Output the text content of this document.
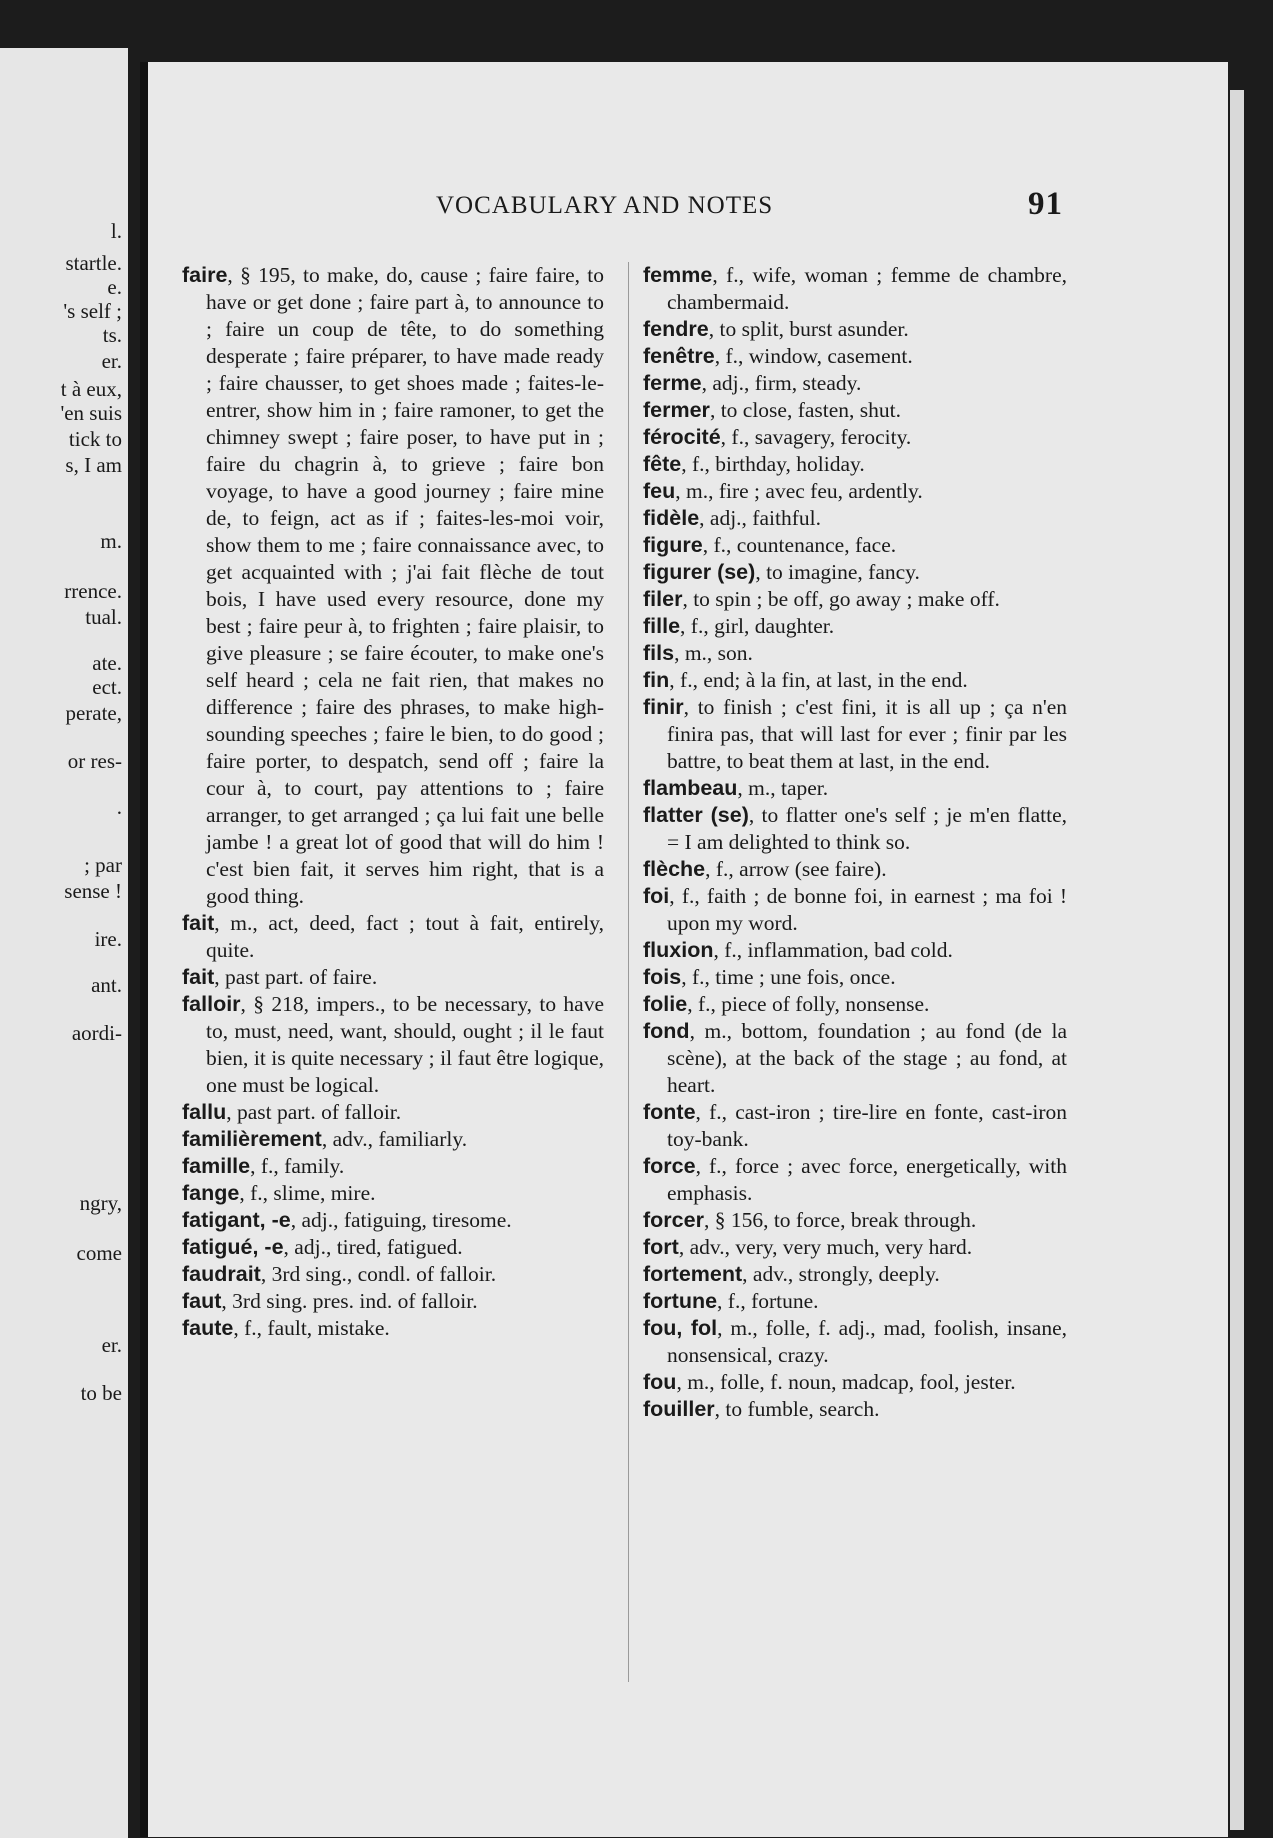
l.
startle.
e.
's self ;
ts.
er.
t à eux,
'en suis
tick to
s, I am
m.
rrence.
tual.
ate.
ect.
perate,
or res-
.
; par
sense !
ire.
ant.
aordi-
ngry,
come
er.
to be
VOCABULARY AND NOTES	91

faire, § 195, to make, do, cause ; faire faire, to have or get done ; faire part à, to announce to ; faire un coup de tête, to do something desperate ; faire préparer, to have made ready ; faire chausser, to get shoes made ; faites-le-entrer, show him in ; faire ramoner, to get the chimney swept ; faire poser, to have put in ; faire du chagrin à, to grieve ; faire bon voyage, to have a good journey ; faire mine de, to feign, act as if ; faites-les-moi voir, show them to me ; faire connaissance avec, to get acquainted with ; j'ai fait flèche de tout bois, I have used every resource, done my best ; faire peur à, to frighten ; faire plaisir, to give pleasure ; se faire écouter, to make one's self heard ; cela ne fait rien, that makes no difference ; faire des phrases, to make high-sounding speeches ; faire le bien, to do good ; faire porter, to despatch, send off ; faire la cour à, to court, pay attentions to ; faire arranger, to get arranged ; ça lui fait une belle jambe ! a great lot of good that will do him ! c'est bien fait, it serves him right, that is a good thing.

fait, m., act, deed, fact ; tout à fait, entirely, quite.

fait, past part. of faire.

falloir, § 218, impers., to be necessary, to have to, must, need, want, should, ought ; il le faut bien, it is quite necessary ; il faut être logique, one must be logical.

fallu, past part. of falloir.

familièrement, adv., familiarly.

famille, f., family.

fange, f., slime, mire.

fatigant, -e, adj., fatiguing, tiresome.

fatigué, -e, adj., tired, fatigued.

faudrait, 3rd sing., condl. of falloir.

faut, 3rd sing. pres. ind. of falloir.

faute, f., fault, mistake.

femme, f., wife, woman ; femme de chambre, chambermaid.

fendre, to split, burst asunder.

fenêtre, f., window, casement.

ferme, adj., firm, steady.

fermer, to close, fasten, shut.

férocité, f., savagery, ferocity.

fête, f., birthday, holiday.

feu, m., fire ; avec feu, ardently.

fidèle, adj., faithful.

figure, f., countenance, face.

figurer (se), to imagine, fancy.

filer, to spin ; be off, go away ; make off.

fille, f., girl, daughter.

fils, m., son.

fin, f., end; à la fin, at last, in the end.

finir, to finish ; c'est fini, it is all up ; ça n'en finira pas, that will last for ever ; finir par les battre, to beat them at last, in the end.

flambeau, m., taper.

flatter (se), to flatter one's self ; je m'en flatte, = I am delighted to think so.

flèche, f., arrow (see faire).

foi, f., faith ; de bonne foi, in earnest ; ma foi ! upon my word.

fluxion, f., inflammation, bad cold.

fois, f., time ; une fois, once.

folie, f., piece of folly, nonsense.

fond, m., bottom, foundation ; au fond (de la scène), at the back of the stage ; au fond, at heart.

fonte, f., cast-iron ; tire-lire en fonte, cast-iron toy-bank.

force, f., force ; avec force, energetically, with emphasis.

forcer, § 156, to force, break through.

fort, adv., very, very much, very hard.

fortement, adv., strongly, deeply.

fortune, f., fortune.

fou, fol, m., folle, f. adj., mad, foolish, insane, nonsensical, crazy.

fou, m., folle, f. noun, madcap, fool, jester.

fouiller, to fumble, search.
